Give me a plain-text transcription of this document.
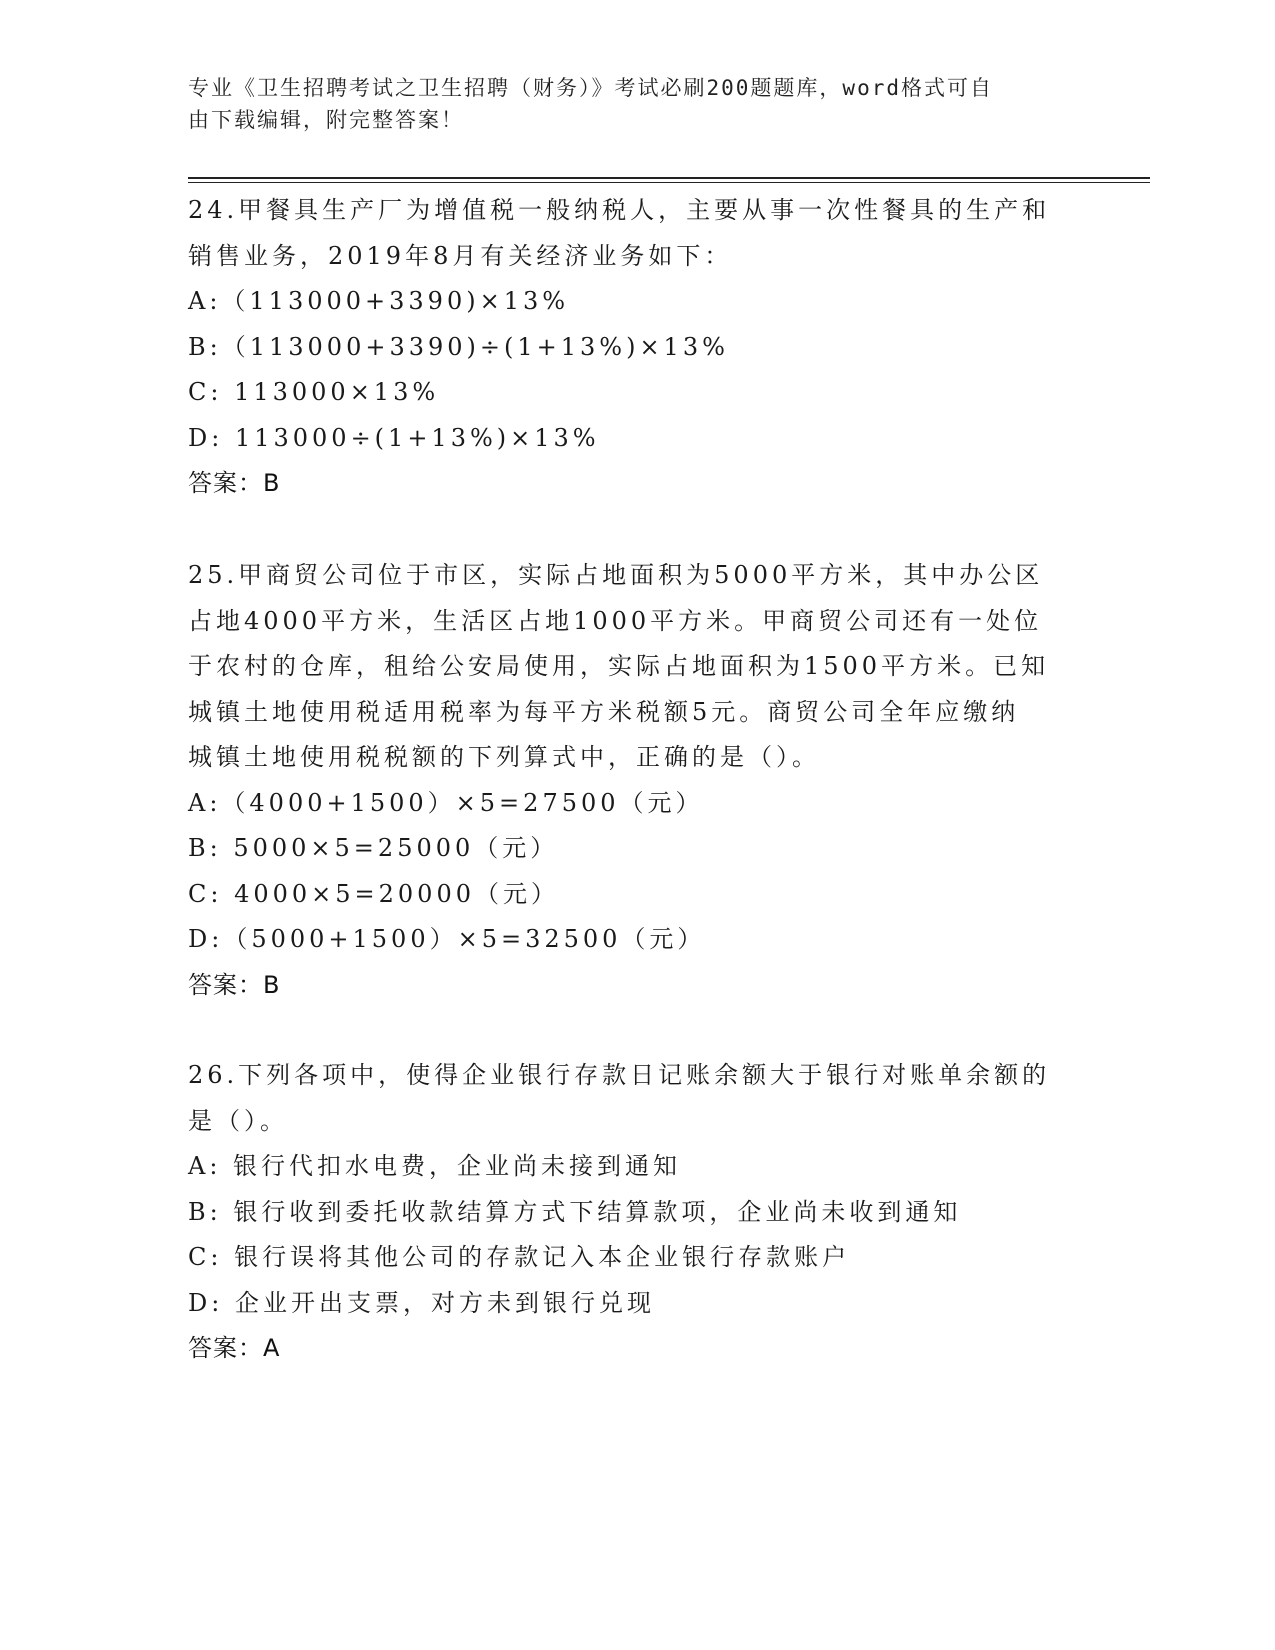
专业《卫生招聘考试之卫生招聘（财务）》考试必刷200题题库，word格式可自
由下载编辑，附完整答案！

24.甲餐具生产厂为增值税一般纳税人，主要从事一次性餐具的生产和

销售业务，2019年8月有关经济业务如下：

A:（113000+3390)×13%

B:（113000+3390)÷(1+13%)×13%

C: 113000×13%

D: 113000÷(1+13%)×13%

答案：B

25.甲商贸公司位于市区，实际占地面积为5000平方米，其中办公区

占地4000平方米，生活区占地1000平方米。甲商贸公司还有一处位

于农村的仓库，租给公安局使用，实际占地面积为1500平方米。已知

城镇土地使用税适用税率为每平方米税额5元。商贸公司全年应缴纳

城镇土地使用税税额的下列算式中，正确的是（）。

A:（4000+1500）×5=27500（元）

B: 5000×5=25000（元）

C: 4000×5=20000（元）

D:（5000+1500）×5=32500（元）

答案：B

26.下列各项中，使得企业银行存款日记账余额大于银行对账单余额的

是（）。

A: 银行代扣水电费，企业尚未接到通知

B: 银行收到委托收款结算方式下结算款项，企业尚未收到通知

C: 银行误将其他公司的存款记入本企业银行存款账户

D: 企业开出支票，对方未到银行兑现

答案：A
